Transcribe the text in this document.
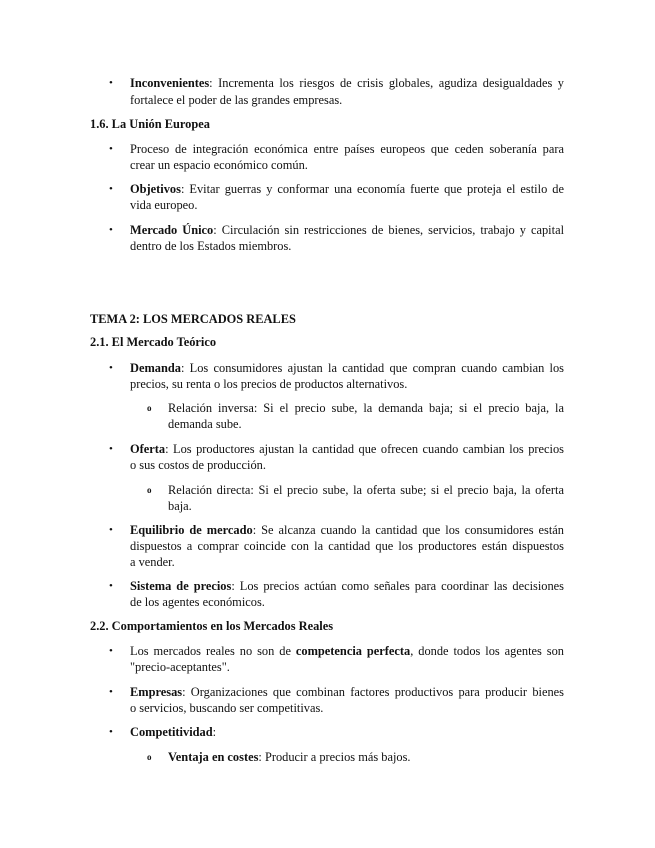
• Inconvenientes: Incrementa los riesgos de crisis globales, agudiza desigualdades y
fortalece el poder de las grandes empresas.
1.6. La Unión Europea
• Proceso de integración económica entre países europeos que ceden soberanía para
crear un espacio económico común.
• Objetivos: Evitar guerras y conformar una economía fuerte que proteja el estilo de
vida europeo.
• Mercado Único: Circulación sin restricciones de bienes, servicios, trabajo y capital
dentro de los Estados miembros.
TEMA 2: LOS MERCADOS REALES
2.1. El Mercado Teórico
• Demanda: Los consumidores ajustan la cantidad que compran cuando cambian los
precios, su renta o los precios de productos alternativos.
o Relación inversa: Si el precio sube, la demanda baja; si el precio baja, la
demanda sube.
• Oferta: Los productores ajustan la cantidad que ofrecen cuando cambian los precios
o sus costos de producción.
o Relación directa: Si el precio sube, la oferta sube; si el precio baja, la oferta
baja.
• Equilibrio de mercado: Se alcanza cuando la cantidad que los consumidores están
dispuestos a comprar coincide con la cantidad que los productores están dispuestos
a vender.
• Sistema de precios: Los precios actúan como señales para coordinar las decisiones
de los agentes económicos.
2.2. Comportamientos en los Mercados Reales
• Los mercados reales no son de competencia perfecta, donde todos los agentes son
"precio-aceptantes".
• Empresas: Organizaciones que combinan factores productivos para producir bienes
o servicios, buscando ser competitivas.
• Competitividad:
o Ventaja en costes: Producir a precios más bajos.
